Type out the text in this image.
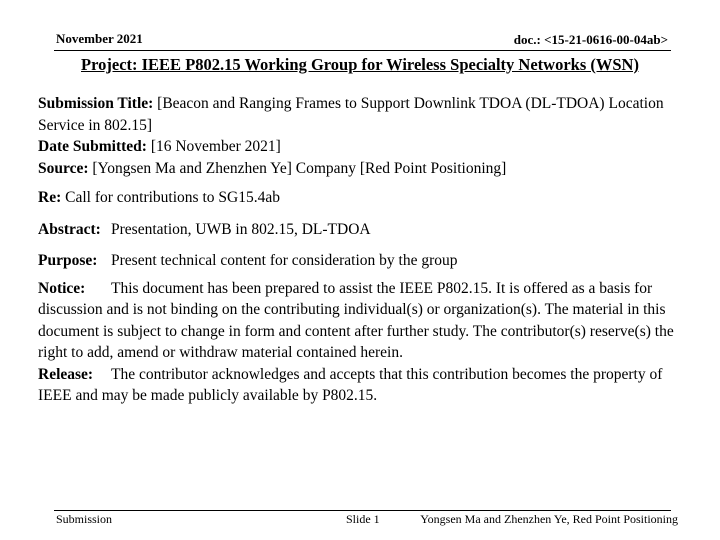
November 2021	doc.: <15-21-0616-00-04ab>
Project: IEEE P802.15 Working Group for Wireless Specialty Networks (WSN)

Submission Title: [Beacon and Ranging Frames to Support Downlink TDOA (DL-TDOA) Location Service in 802.15]

Date Submitted: [16 November 2021]

Source: [Yongsen Ma and Zhenzhen Ye] Company [Red Point Positioning]

Re: Call for contributions to SG15.4ab

Abstract: Presentation, UWB in 802.15, DL-TDOA

Purpose: Present technical content for consideration by the group

Notice: This document has been prepared to assist the IEEE P802.15. It is offered as a basis for discussion and is not binding on the contributing individual(s) or organization(s). The material in this document is subject to change in form and content after further study. The contributor(s) reserve(s) the right to add, amend or withdraw material contained herein.

Release: The contributor acknowledges and accepts that this contribution becomes the property of IEEE and may be made publicly available by P802.15.

Submission	Slide 1	Yongsen Ma and Zhenzhen Ye, Red Point Positioning
